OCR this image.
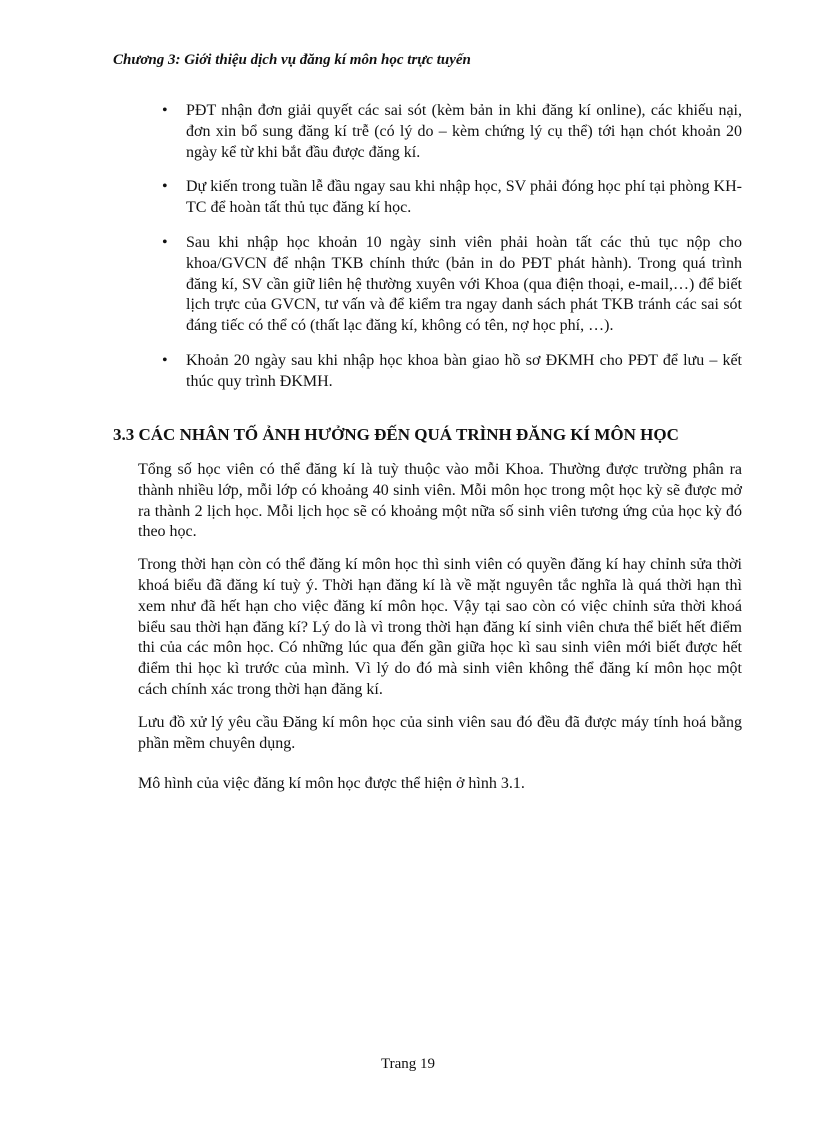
Chương 3: Giới thiệu dịch vụ đăng kí môn học trực tuyến
• PĐT nhận đơn giải quyết các sai sót (kèm bản in khi đăng kí online), các khiếu nại, đơn xin bổ sung đăng kí trễ (có lý do – kèm chứng lý cụ thể) tới hạn chót khoản 20 ngày kể từ khi bắt đầu được đăng kí.
• Dự kiến trong tuần lễ đầu ngay sau khi nhập học, SV phải đóng học phí tại phòng KH-TC để hoàn tất thủ tục đăng kí học.
• Sau khi nhập học khoản 10 ngày sinh viên phải hoàn tất các thủ tục nộp cho khoa/GVCN để nhận TKB chính thức (bản in do PĐT phát hành). Trong quá trình đăng kí, SV cần giữ liên hệ thường xuyên với Khoa (qua điện thoại, e-mail,…) để biết lịch trực của GVCN, tư vấn và để kiểm tra ngay danh sách phát TKB tránh các sai sót đáng tiếc có thể có (thất lạc đăng kí, không có tên, nợ học phí, …).
• Khoản 20 ngày sau khi nhập học khoa bàn giao hồ sơ ĐKMH cho PĐT để lưu – kết thúc quy trình ĐKMH.
3.3 CÁC NHÂN TỐ ẢNH HƯỞNG ĐẾN QUÁ TRÌNH ĐĂNG KÍ MÔN HỌC

Tổng số học viên có thể đăng kí là tuỳ thuộc vào mỗi Khoa. Thường được trường phân ra thành nhiều lớp, mỗi lớp có khoảng 40 sinh viên. Mỗi môn học trong một học kỳ sẽ được mở ra thành 2 lịch học. Mỗi lịch học sẽ có khoảng một nữa số sinh viên tương ứng của học kỳ đó theo học.

Trong thời hạn còn có thể đăng kí môn học thì sinh viên có quyền đăng kí hay chỉnh sửa thời khoá biểu đã đăng kí tuỳ ý. Thời hạn đăng kí là về mặt nguyên tắc nghĩa là quá thời hạn thì xem như đã hết hạn cho việc đăng kí môn học. Vậy tại sao còn có việc chỉnh sửa thời khoá biểu sau thời hạn đăng kí? Lý do là vì trong thời hạn đăng kí sinh viên chưa thể biết hết điểm thi của các môn học. Có những lúc qua đến gần giữa học kì sau sinh viên mới biết được hết điểm thi học kì trước của mình. Vì lý do đó mà sinh viên không thể đăng kí môn học một cách chính xác trong thời hạn đăng kí.

Lưu đồ xử lý yêu cầu Đăng kí môn học của sinh viên sau đó đều đã được máy tính hoá bằng phần mềm chuyên dụng.

Mô hình của việc đăng kí môn học được thể hiện ở hình 3.1.

Trang 19
